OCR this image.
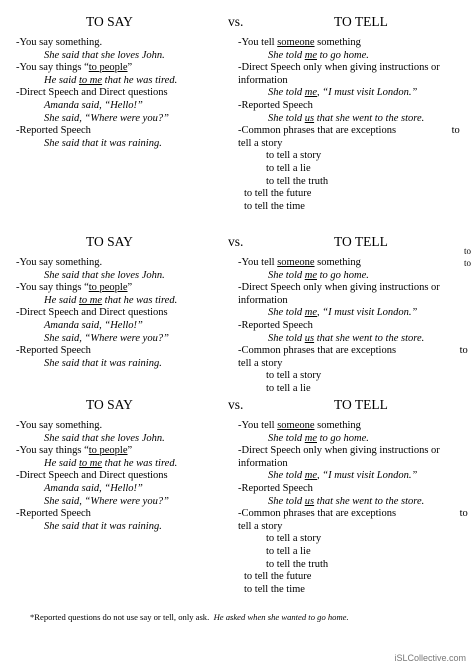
TO SAY	vs.	TO TELL
-You say something.
She said that she loves John.
-You say things “to people”
He said to me that he was tired.
-Direct Speech and Direct questions
Amanda said, “Hello!”
She said, “Where were you?”
-Reported Speech
She said that it was raining.
-You tell someone something
She told me to go home.
-Direct Speech only when giving instructions or
information
She told me, “I must visit London.”
-Reported Speech
She told us that she went to the store.
-Common phrases that are exceptions	to
tell a story
to tell a story
to tell a lie
to tell the truth
to tell the future
to tell the time
TO SAY	vs.	TO TELL
to
to
-You say something.
She said that she loves John.
-You say things “to people”
He said to me that he was tired.
-Direct Speech and Direct questions
Amanda said, “Hello!”
She said, “Where were you?”
-Reported Speech
She said that it was raining.
-You tell someone something
She told me to go home.
-Direct Speech only when giving instructions or
information
She told me, “I must visit London.”
-Reported Speech
She told us that she went to the store.
-Common phrases that are exceptions	to
tell a story
to tell a story
to tell a lie
TO SAY	vs.	TO TELL
-You say something.
She said that she loves John.
-You say things “to people”
He said to me that he was tired.
-Direct Speech and Direct questions
Amanda said, “Hello!”
She said, “Where were you?”
-Reported Speech
She said that it was raining.
-You tell someone something
She told me to go home.
-Direct Speech only when giving instructions or
information
She told me, “I must visit London.”
-Reported Speech
She told us that she went to the store.
-Common phrases that are exceptions	to
tell a story
to tell a story
to tell a lie
to tell the truth
to tell the future
to tell the time
*Reported questions do not use say or tell, only ask. He asked when she wanted to go home.
iSLCollective.com
